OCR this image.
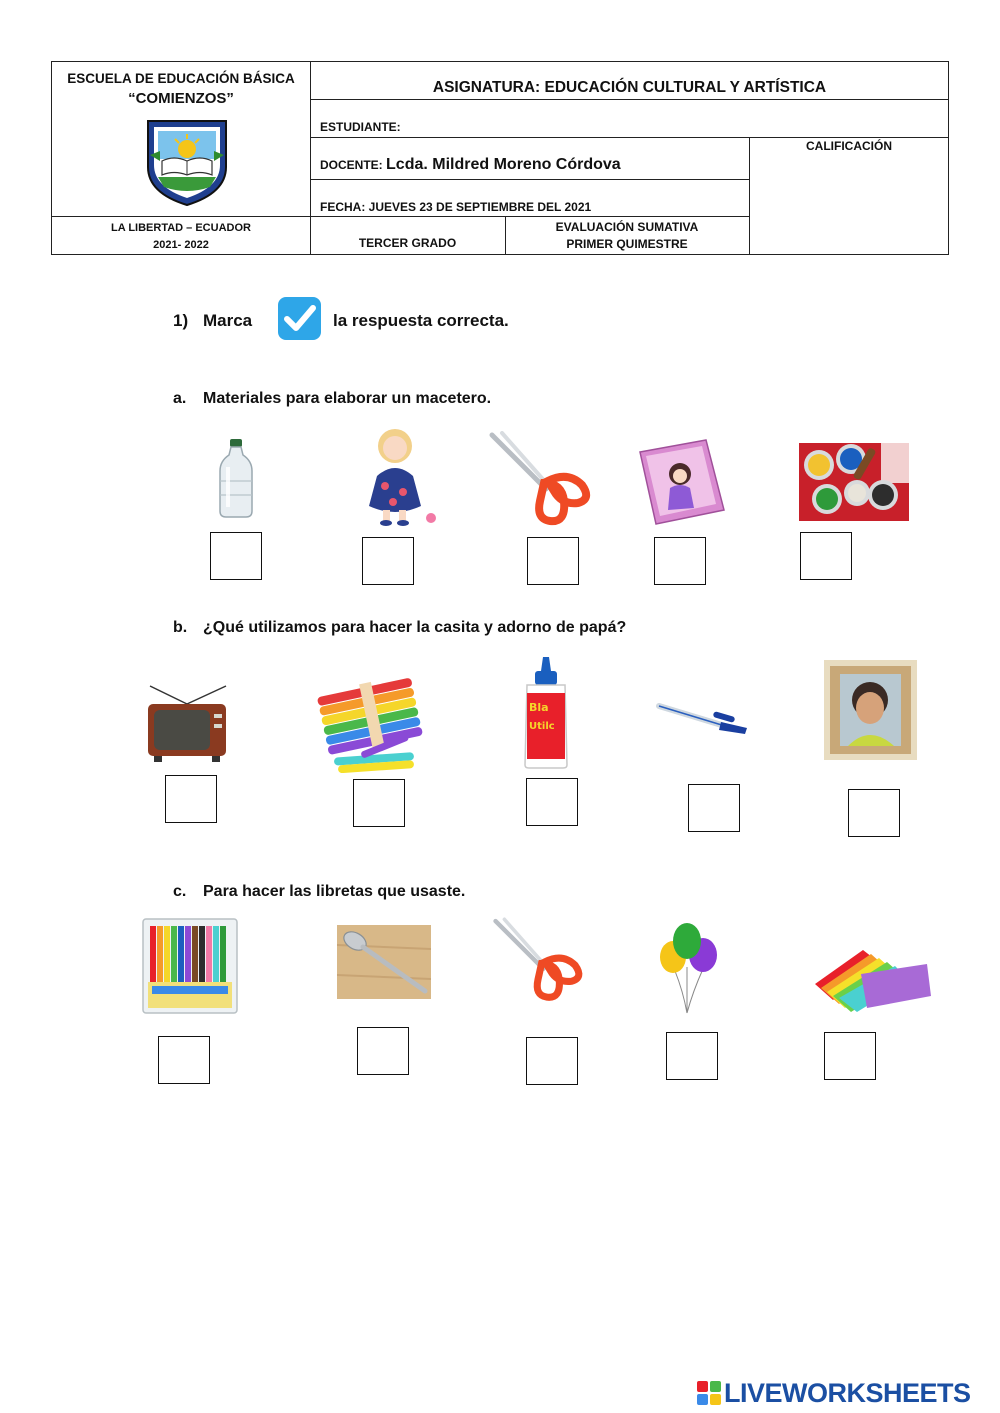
ESCUELA DE EDUCACIÓN BÁSICA
“COMIENZOS”
ASIGNATURA: EDUCACIÓN CULTURAL Y ARTÍSTICA
ESTUDIANTE:
DOCENTE: Lcda. Mildred Moreno Córdova
FECHA: JUEVES 23 DE SEPTIEMBRE DEL 2021
CALIFICACIÓN
LA LIBERTAD – ECUADOR
2021- 2022	TERCER GRADO
EVALUACIÓN SUMATIVA
PRIMER QUIMESTRE
1) Marca	la respuesta correcta.
a. Materiales para elaborar un macetero.
b. ¿Qué utilizamos para hacer la casita y adorno de papá?
Bla
Utilc
c. Para hacer las libretas que usaste.
LIVEWORKSHEETS
